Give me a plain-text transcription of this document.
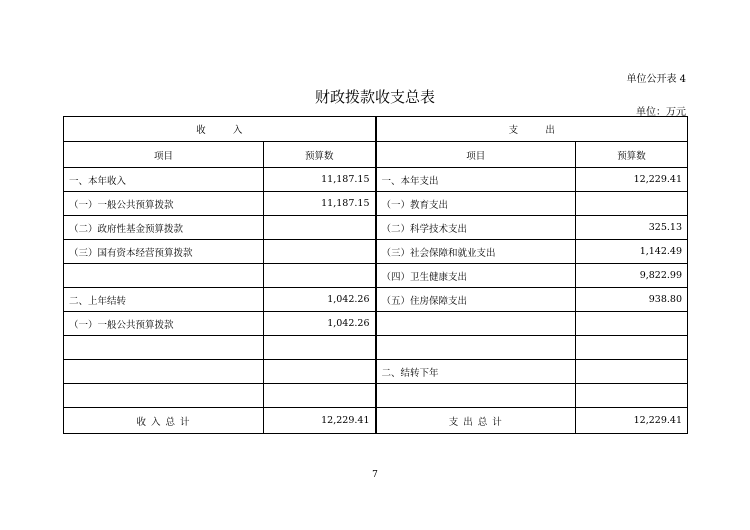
单位公开表 4
财政拨款收支总表
单位：万元
收         入		支         出	
项目	预算数	项目	预算数
一、本年收入	11,187.15	一、本年支出	12,229.41
（一）一般公共预算拨款	11,187.15	（一）教育支出	
（二）政府性基金预算拨款		（二）科学技术支出	325.13
（三）国有资本经营预算拨款		（三）社会保障和就业支出	1,142.49
		（四）卫生健康支出	9,822.99
二、上年结转	1,042.26	（五）住房保障支出	938.80
（一）一般公共预算拨款	1,042.26		

		二、结转下年	

收 入 总 计	12,229.41	支 出 总 计	12,229.41
7
